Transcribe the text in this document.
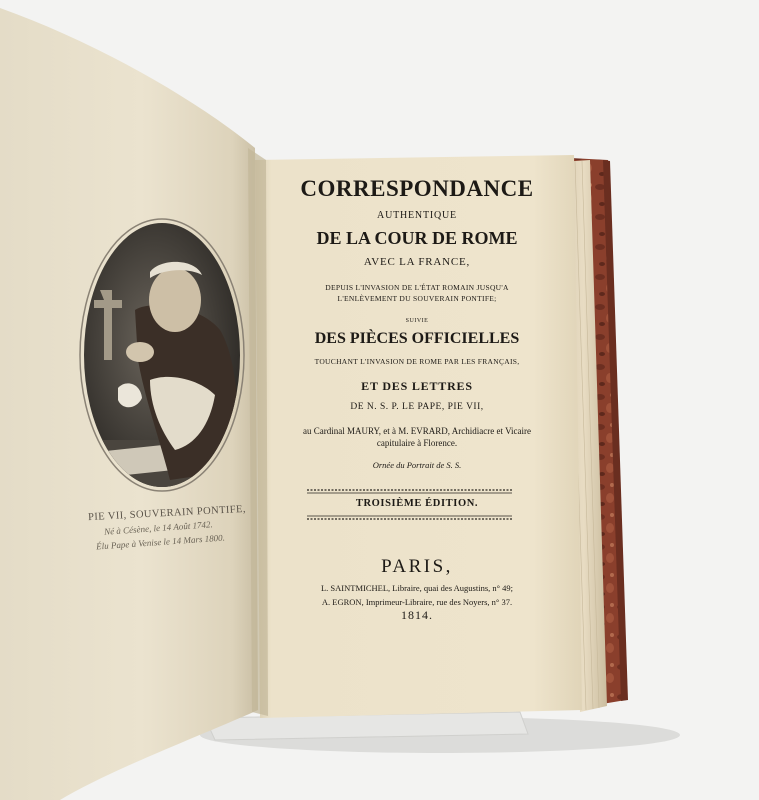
CORRESPONDANCE

AUTHENTIQUE

DE LA COUR DE ROME

AVEC LA FRANCE,

DEPUIS L'INVASION DE L'ÉTAT ROMAIN JUSQU'A

L'ENLÈVEMENT DU SOUVERAIN PONTIFE;

SUIVIE

DES PIÈCES OFFICIELLES

TOUCHANT L'INVASION DE ROME PAR LES FRANÇAIS,

ET DES LETTRES

DE N. S. P. LE PAPE, PIE VII,

au Cardinal MAURY, et à M. EVRARD, Archidiacre et Vicaire

capitulaire à Florence.

Ornée du Portrait de S. S.

TROISIÈME ÉDITION.

PARIS,

L. SAINTMICHEL, Libraire, quai des Augustins, n° 49;

A. EGRON, Imprimeur-Libraire, rue des Noyers, n° 37.

1814.

PIE VII, SOUVERAIN PONTIFE,

Né à Césène, le 14 Août 1742.

Élu Pape à Venise le 14 Mars 1800.
